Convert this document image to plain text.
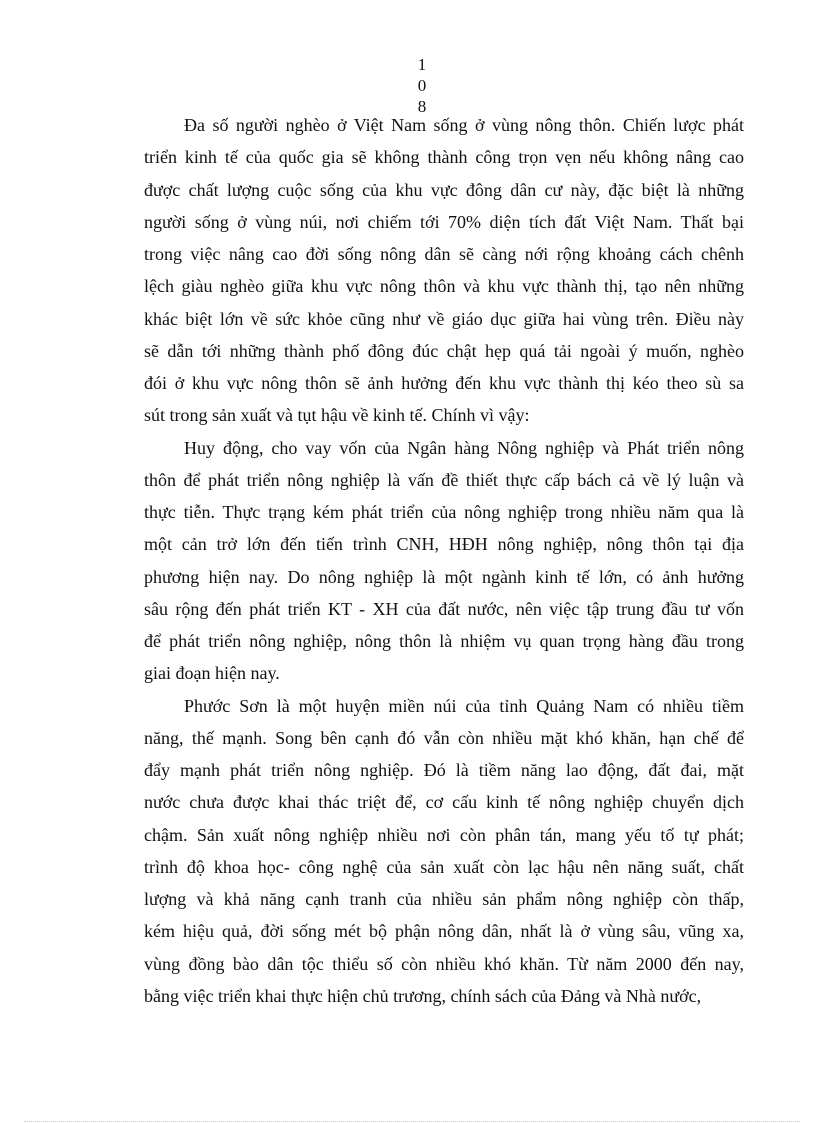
1
0
8
Đa số người nghèo ở Việt Nam sống ở vùng nông thôn. Chiến lược phát
triển kinh tế của quốc gia sẽ không thành công trọn vẹn nếu không nâng cao
được chất lượng cuộc sống của khu vực đông dân cư này, đặc biệt là những
người sống ở vùng núi, nơi chiếm tới 70% diện tích đất Việt Nam. Thất bại
trong việc nâng cao đời sống nông dân sẽ càng nới rộng khoảng cách chênh
lệch giàu nghèo giữa khu vực nông thôn và khu vực thành thị, tạo nên những
khác biệt lớn về sức khỏe cũng như về giáo dục giữa hai vùng trên. Điều này
sẽ dẫn tới những thành phố đông đúc chật hẹp quá tải ngoài ý muốn, nghèo
đói ở khu vực nông thôn sẽ ảnh hưởng đến khu vực thành thị kéo theo sù sa
sút trong sản xuất và tụt hậu về kinh tế. Chính vì vậy:
Huy động, cho vay vốn của Ngân hàng Nông nghiệp và Phát triển nông
thôn để phát triển nông nghiệp là vấn đề thiết thực cấp bách cả về lý luận và
thực tiễn. Thực trạng kém phát triển của nông nghiệp trong nhiều năm qua là
một cản trở lớn đến tiến trình CNH, HĐH nông nghiệp, nông thôn tại địa
phương hiện nay. Do nông nghiệp là một ngành kinh tế lớn, có ảnh hưởng
sâu rộng đến phát triển KT - XH của đất nước, nên việc tập trung đầu tư vốn
để phát triển nông nghiệp, nông thôn là nhiệm vụ quan trọng hàng đầu trong
giai đoạn hiện nay.
Phước Sơn là một huyện miền núi của tỉnh Quảng Nam có nhiều tiềm
năng, thế mạnh. Song bên cạnh đó vẫn còn nhiều mặt khó khăn, hạn chế để
đẩy mạnh phát triển nông nghiệp. Đó là tiềm năng lao động, đất đai, mặt
nước chưa được khai thác triệt để, cơ cấu kinh tế nông nghiệp chuyển dịch
chậm. Sản xuất nông nghiệp nhiều nơi còn phân tán, mang yếu tố tự phát;
trình độ khoa học- công nghệ của sản xuất còn lạc hậu nên năng suất, chất
lượng và khả năng cạnh tranh của nhiều sản phẩm nông nghiệp còn thấp,
kém hiệu quả, đời sống mét bộ phận nông dân, nhất là ở vùng sâu, vũng xa,
vùng đồng bào dân tộc thiểu số còn nhiều khó khăn. Từ năm 2000 đến nay,
bằng việc triển khai thực hiện chủ trương, chính sách của Đảng và Nhà nước,
